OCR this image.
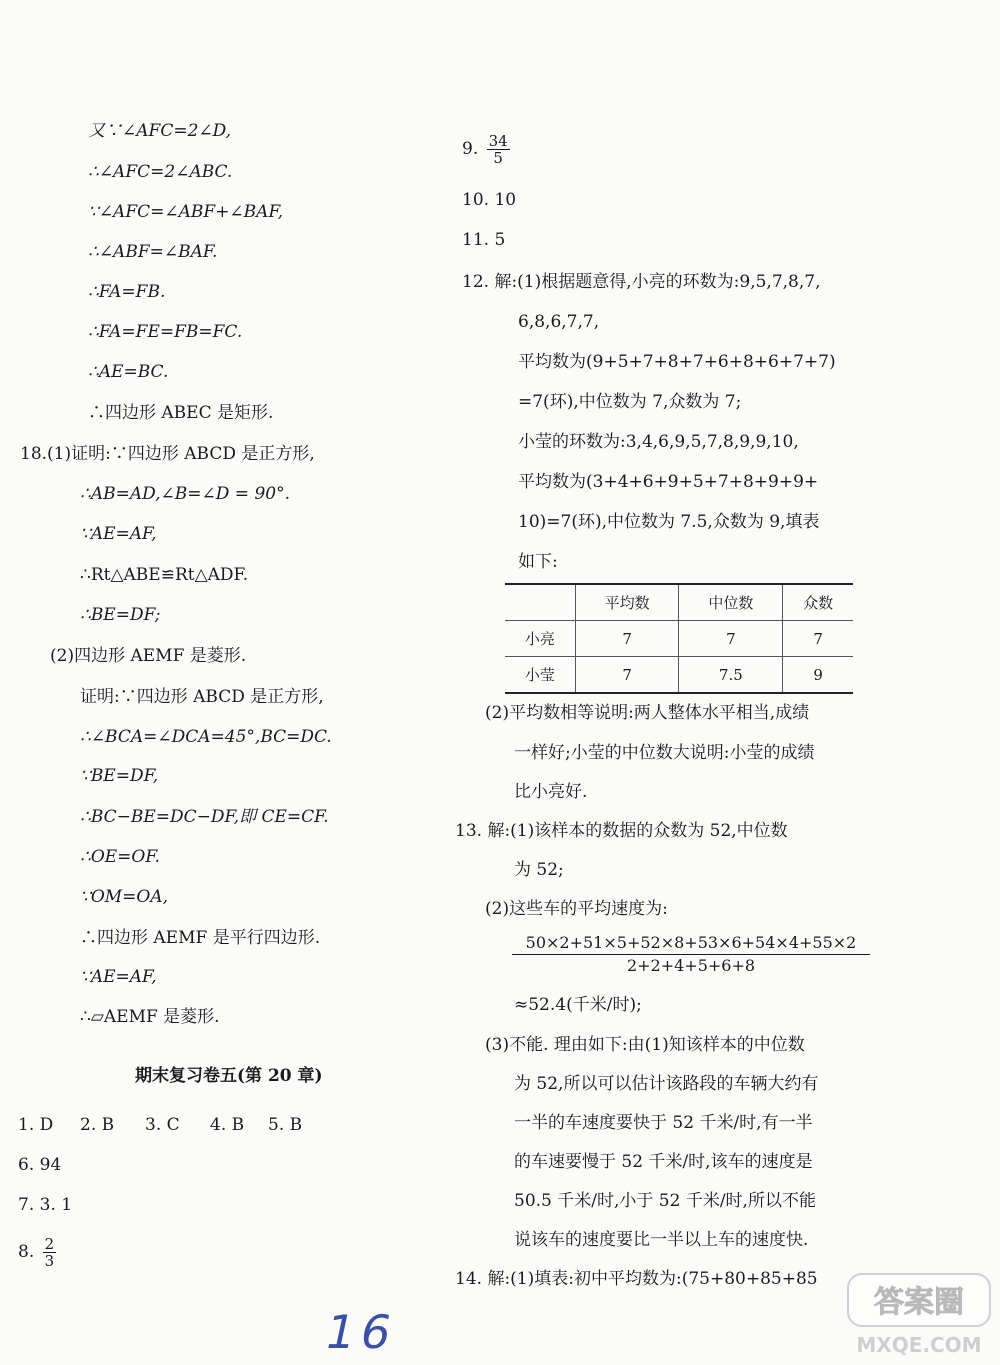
又∵∠AFC=2∠D,
∴∠AFC=2∠ABC.
∵∠AFC=∠ABF+∠BAF,
∴∠ABF=∠BAF.
∴FA=FB.
∴FA=FE=FB=FC.
∴AE=BC.
∴四边形 ABEC 是矩形.
18.(1)证明:∵四边形 ABCD 是正方形,
∴AB=AD,∠B=∠D = 90°.
∵AE=AF,
∴Rt△ABE≌Rt△ADF.
∴BE=DF;
(2)四边形 AEMF 是菱形.
证明:∵四边形 ABCD 是正方形,
∴∠BCA=∠DCA=45°,BC=DC.
∵BE=DF,
∴BC−BE=DC−DF,即 CE=CF.
∴OE=OF.
∵OM=OA,
∴四边形 AEMF 是平行四边形.
∵AE=AF,
∴▱AEMF 是菱形.
期末复习卷五(第 20 章)
1. D 2. B 3. C 4. B 5. B
6. 94
7. 3. 1
8. $\frac{2}{3}$
9. $\frac{34}{5}$
10. 10
11. 5
12. 解:(1)根据题意得,小亮的环数为:9,5,7,8,7,
6,8,6,7,7,
平均数为(9+5+7+8+7+6+8+6+7+7)
=7(环),中位数为 7,众数为 7;
小莹的环数为:3,4,6,9,5,7,8,9,9,10,
平均数为(3+4+6+9+5+7+8+9+9+
10)=7(环),中位数为 7.5,众数为 9,填表
如下:
	平均数	中位数	众数
小亮	7	7	7
小莹	7	7.5	9
(2)平均数相等说明:两人整体水平相当,成绩
一样好;小莹的中位数大说明:小莹的成绩
比小亮好.
13. 解:(1)该样本的数据的众数为 52,中位数
为 52;
(2)这些车的平均速度为:
$\frac{50\times 2+51\times 5+52\times 8+53\times 6+54\times 4+55\times 2}{2+2+4+5+6+8}$
≈52.4(千米/时);
(3)不能. 理由如下:由(1)知该样本的中位数
为 52,所以可以估计该路段的车辆大约有
一半的车速度要快于 52 千米/时,有一半
的车速要慢于 52 千米/时,该车的速度是
50.5 千米/时,小于 52 千米/时,所以不能
说该车的速度要比一半以上车的速度快.
14. 解:(1)填表:初中平均数为:(75+80+85+85
16
答案圈
MXQE.COM
